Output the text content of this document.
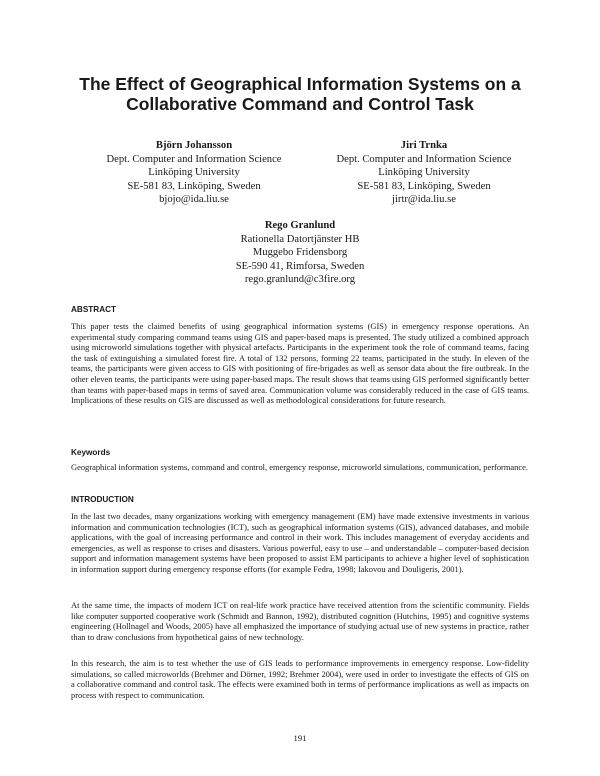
The Effect of Geographical Information Systems on a Collaborative Command and Control Task
Björn Johansson
Dept. Computer and Information Science
Linköping University
SE-581 83, Linköping, Sweden
bjojo@ida.liu.se
Jiri Trnka
Dept. Computer and Information Science
Linköping University
SE-581 83, Linköping, Sweden
jirtr@ida.liu.se
Rego Granlund
Rationella Datortjänster HB
Muggebo Fridensborg
SE-590 41, Rimforsa, Sweden
rego.granlund@c3fire.org
ABSTRACT
This paper tests the claimed benefits of using geographical information systems (GIS) in emergency response operations. An experimental study comparing command teams using GIS and paper-based maps is presented. The study utilized a combined approach using microworld simulations together with physical artefacts. Participants in the experiment took the role of command teams, facing the task of extinguishing a simulated forest fire. A total of 132 persons, forming 22 teams, participated in the study. In eleven of the teams, the participants were given access to GIS with positioning of fire-brigades as well as sensor data about the fire outbreak. In the other eleven teams, the participants were using paper-based maps. The result shows that teams using GIS performed significantly better than teams with paper-based maps in terms of saved area. Communication volume was considerably reduced in the case of GIS teams. Implications of these results on GIS are discussed as well as methodological considerations for future research.
Keywords
Geographical information systems, command and control, emergency response, microworld simulations, communication, performance.
INTRODUCTION
In the last two decades, many organizations working with emergency management (EM) have made extensive investments in various information and communication technologies (ICT), such as geographical information systems (GIS), advanced databases, and mobile applications, with the goal of increasing performance and control in their work. This includes management of everyday accidents and emergencies, as well as response to crises and disasters. Various powerful, easy to use – and understandable – computer-based decision support and information management systems have been proposed to assist EM participants to achieve a higher level of sophistication in information support during emergency response efforts (for example Fedra, 1998; Iakovou and Douligeris, 2001).
At the same time, the impacts of modern ICT on real-life work practice have received attention from the scientific community. Fields like computer supported cooperative work (Schmidt and Bannon, 1992), distributed cognition (Hutchins, 1995) and cognitive systems engineering (Hollnagel and Woods, 2005) have all emphasized the importance of studying actual use of new systems in practice, rather than to draw conclusions from hypothetical gains of new technology.
In this research, the aim is to test whether the use of GIS leads to performance improvements in emergency response. Low-fidelity simulations, so called microworlds (Brehmer and Dörner, 1992; Brehmer 2004), were used in order to investigate the effects of GIS on a collaborative command and control task. The effects were examined both in terms of performance implications as well as impacts on process with respect to communication.
191
